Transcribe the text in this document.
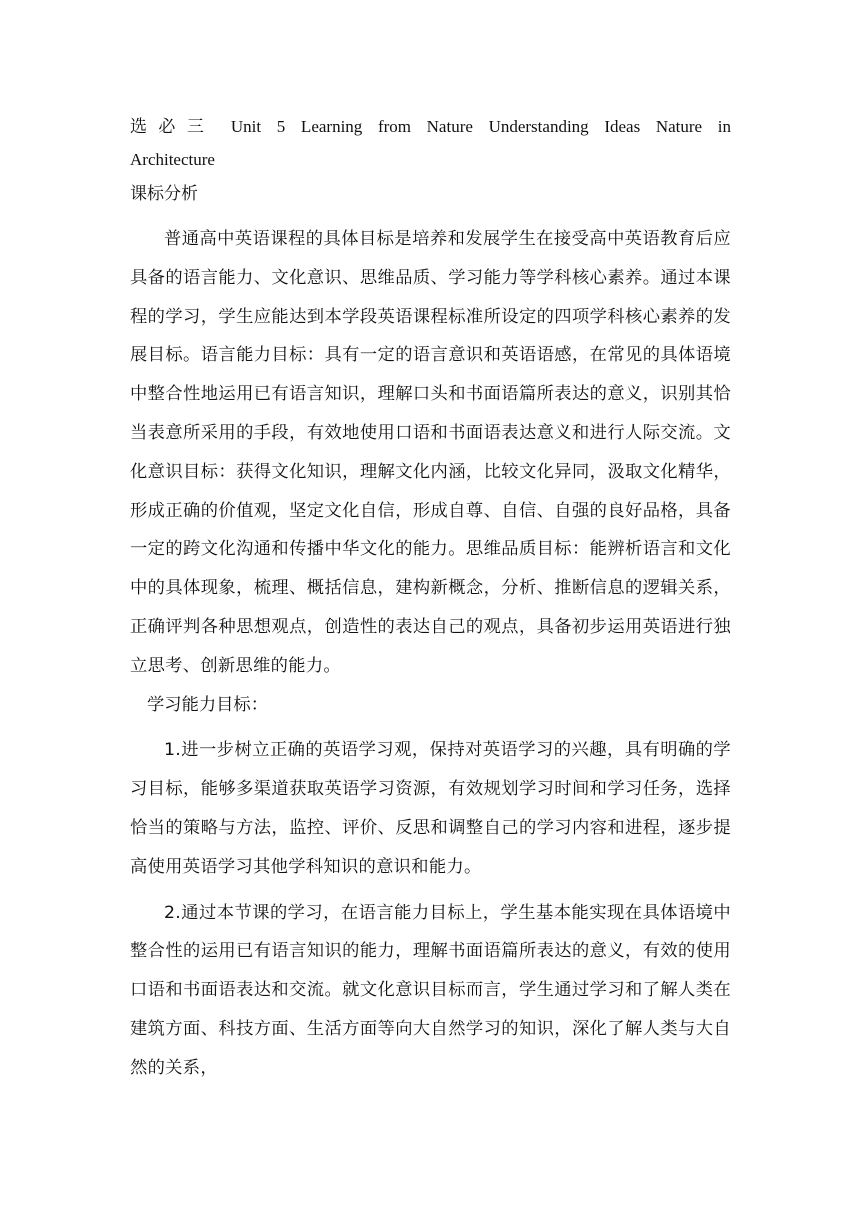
选必三 Unit 5 Learning from Nature Understanding Ideas Nature in

Architecture

课标分析

普通高中英语课程的具体目标是培养和发展学生在接受高中英语教育后应具备的语言能力、文化意识、思维品质、学习能力等学科核心素养。通过本课程的学习，学生应能达到本学段英语课程标准所设定的四项学科核心素养的发展目标。语言能力目标：具有一定的语言意识和英语语感，在常见的具体语境中整合性地运用已有语言知识，理解口头和书面语篇所表达的意义，识别其恰当表意所采用的手段，有效地使用口语和书面语表达意义和进行人际交流。文化意识目标：获得文化知识，理解文化内涵，比较文化异同，汲取文化精华，形成正确的价值观，坚定文化自信，形成自尊、自信、自强的良好品格，具备一定的跨文化沟通和传播中华文化的能力。思维品质目标：能辨析语言和文化中的具体现象，梳理、概括信息，建构新概念，分析、推断信息的逻辑关系，正确评判各种思想观点，创造性的表达自己的观点，具备初步运用英语进行独立思考、创新思维的能力。

学习能力目标：

1.进一步树立正确的英语学习观，保持对英语学习的兴趣，具有明确的学习目标，能够多渠道获取英语学习资源，有效规划学习时间和学习任务，选择恰当的策略与方法，监控、评价、反思和调整自己的学习内容和进程，逐步提高使用英语学习其他学科知识的意识和能力。

2.通过本节课的学习，在语言能力目标上，学生基本能实现在具体语境中整合性的运用已有语言知识的能力，理解书面语篇所表达的意义，有效的使用口语和书面语表达和交流。就文化意识目标而言，学生通过学习和了解人类在建筑方面、科技方面、生活方面等向大自然学习的知识，深化了解人类与大自然的关系，
